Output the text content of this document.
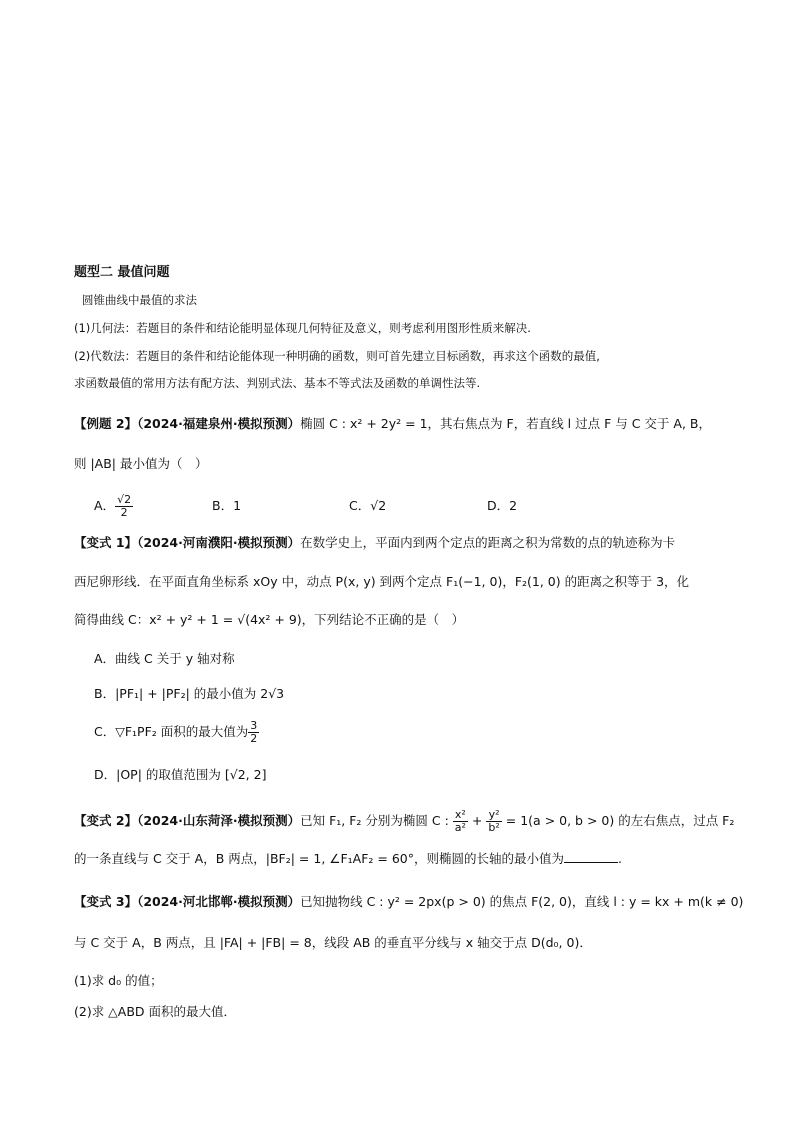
题型二 最值问题
圆锥曲线中最值的求法
(1)几何法：若题目的条件和结论能明显体现几何特征及意义，则考虑利用图形性质来解决.
(2)代数法：若题目的条件和结论能体现一种明确的函数，则可首先建立目标函数，再求这个函数的最值,
求函数最值的常用方法有配方法、判别式法、基本不等式法及函数的单调性法等.
【例题 2】（2024·福建泉州·模拟预测）椭圆 C : x² + 2y² = 1，其右焦点为 F，若直线 l 过点 F 与 C 交于 A, B，
则 |AB| 最小值为（　）
A． $\frac{√2}{2}$	B．1	C．√2	D．2
【变式 1】（2024·河南濮阳·模拟预测）在数学史上，平面内到两个定点的距离之积为常数的点的轨迹称为卡
西尼卵形线．在平面直角坐标系 xOy 中，动点 P(x, y) 到两个定点 F₁(−1, 0)，F₂(1, 0) 的距离之积等于 3，化
简得曲线 C：x² + y² + 1 = √(4x² + 9)，下列结论不正确的是（　）
A．曲线 C 关于 y 轴对称
B．|PF₁| + |PF₂| 的最小值为 2√3
C．▽F₁PF₂ 面积的最大值为 $\frac{3}{2}$
D．|OP| 的取值范围为 [√2, 2]
【变式 2】（2024·山东菏泽·模拟预测）已知 F₁, F₂ 分别为椭圆 C : $\frac{\text{x²}}{\text{a²}} + \frac{\text{y²}}{\text{b²}} = 1(a > 0$, b > 0) 的左右焦点，过点 F₂
的一条直线与 C 交于 A，B 两点，|BF₂| = 1, ∠F₁AF₂ = 60°，则椭圆的长轴的最小值为	.
【变式 3】（2024·河北邯郸·模拟预测）已知抛物线 C : y² = 2px(p > 0) 的焦点 F(2, 0)，直线 l : y = kx + m(k ≠ 0)
与 C 交于 A，B 两点，且 |FA| + |FB| = 8，线段 AB 的垂直平分线与 x 轴交于点 D(d₀, 0)．
(1)求 d₀ 的值；
(2)求 △ABD 面积的最大值．
